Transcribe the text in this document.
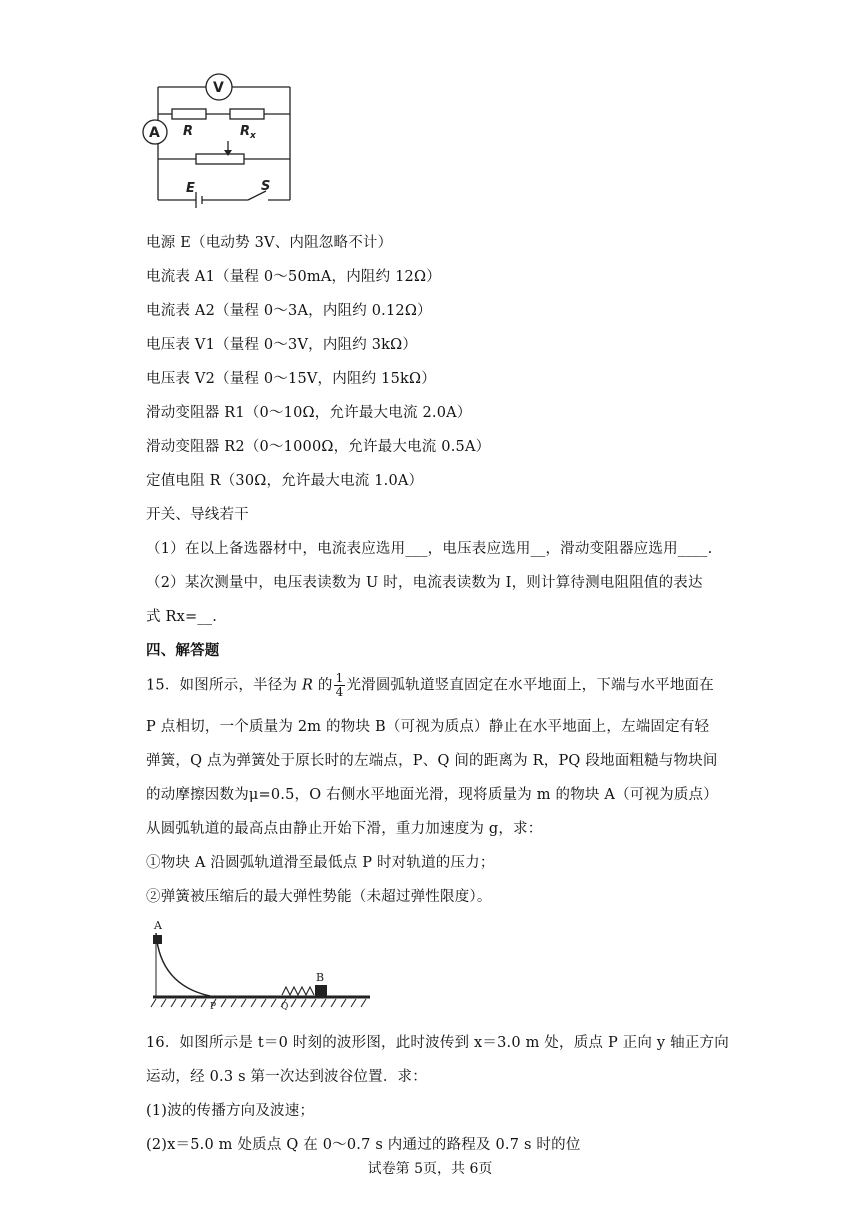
V
A R	R x
E	S
电源 E（电动势 3V、内阻忽略不计）
电流表 A1（量程 0～50mA，内阻约 12Ω）
电流表 A2（量程 0～3A，内阻约 0.12Ω）
电压表 V1（量程 0～3V，内阻约 3kΩ）
电压表 V2（量程 0～15V，内阻约 15kΩ）
滑动变阻器 R1（0～10Ω，允许最大电流 2.0A）
滑动变阻器 R2（0～1000Ω，允许最大电流 0.5A）
定值电阻 R（30Ω，允许最大电流 1.0A）
开关、导线若干
（1）在以上备选器材中，电流表应选用___，电压表应选用__，滑动变阻器应选用____.
（2）某次测量中，电压表读数为 U 时，电流表读数为 I，则计算待测电阻阻值的表达
式 Rx=__.
四、解答题
15．如图所示，半径为 R 的 $\frac{1}{4}$ 光滑圆弧轨道竖直固定在水平地面上，下端与水平地面在
P 点相切，一个质量为 2m 的物块 B（可视为质点）静止在水平地面上，左端固定有轻
弹簧，Q 点为弹簧处于原长时的左端点，P、Q 间的距离为 R，PQ 段地面粗糙与物块间
的动摩擦因数为μ=0.5，O 右侧水平地面光滑，现将质量为 m 的物块 A（可视为质点）
从圆弧轨道的最高点由静止开始下滑，重力加速度为 g，求：
①物块 A 沿圆弧轨道滑至最低点 P 时对轨道的压力；
②弹簧被压缩后的最大弹性势能（未超过弹性限度）。
A
B
P	Q
16．如图所示是 t＝0 时刻的波形图，此时波传到 x＝3.0 m 处，质点 P 正向 y 轴正方向
运动，经 0.3 s 第一次达到波谷位置．求：
(1)波的传播方向及波速；
(2)x＝5.0 m 处质点 Q 在 0～0.7 s 内通过的路程及 0.7 s 时的位
试卷第 5页，共 6页
